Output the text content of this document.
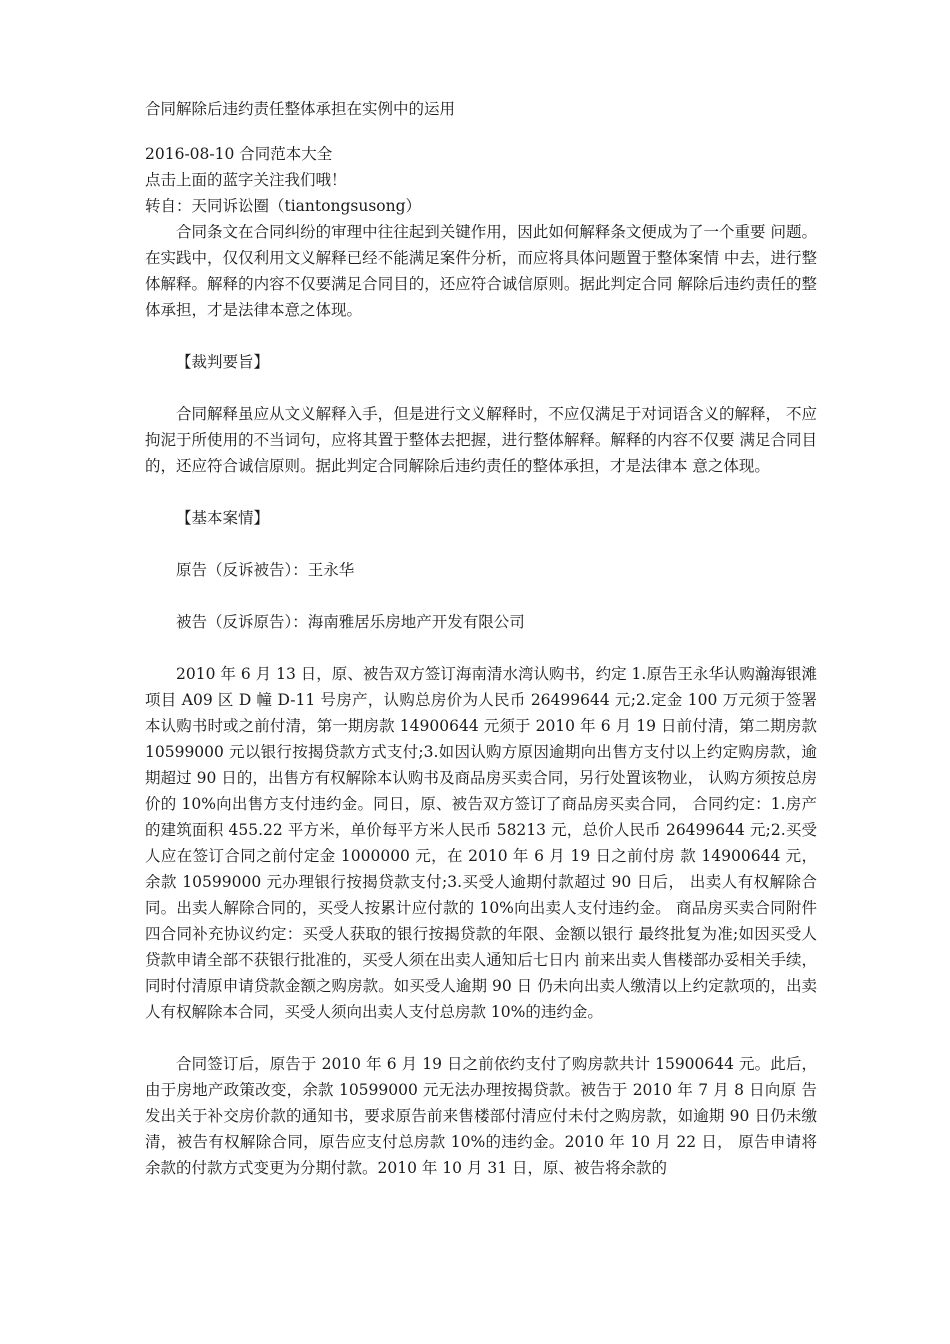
合同解除后违约责任整体承担在实例中的运用

2016-08-10 合同范本大全

点击上面的蓝字关注我们哦！

转自：天同诉讼圈（tiantongsusong）

合同条文在合同纠纷的审理中往往起到关键作用，因此如何解释条文便成为了一个重要 问题。在实践中，仅仅利用文义解释已经不能满足案件分析，而应将具体问题置于整体案情 中去，进行整体解释。解释的内容不仅要满足合同目的，还应符合诚信原则。据此判定合同 解除后违约责任的整体承担，才是法律本意之体现。

【裁判要旨】

合同解释虽应从文义解释入手，但是进行文义解释时，不应仅满足于对词语含义的解释， 不应拘泥于所使用的不当词句，应将其置于整体去把握，进行整体解释。解释的内容不仅要 满足合同目的，还应符合诚信原则。据此判定合同解除后违约责任的整体承担，才是法律本 意之体现。

【基本案情】

原告（反诉被告）：王永华

被告（反诉原告）：海南雅居乐房地产开发有限公司

2010 年 6 月 13 日，原、被告双方签订海南清水湾认购书，约定 1.原告王永华认购瀚海银滩项目 A09 区 D 幢 D-11 号房产，认购总房价为人民币 26499644 元;2.定金 100 万元须于签署本认购书时或之前付清，第一期房款 14900644 元须于 2010 年 6 月 19 日前付清，第二期房款 10599000 元以银行按揭贷款方式支付;3.如因认购方原因逾期向出售方支付以上约定购房款，逾期超过 90 日的，出售方有权解除本认购书及商品房买卖合同，另行处置该物业， 认购方须按总房价的 10%向出售方支付违约金。同日，原、被告双方签订了商品房买卖合同， 合同约定：1.房产的建筑面积 455.22 平方米，单价每平方米人民币 58213 元，总价人民币 26499644 元;2.买受人应在签订合同之前付定金 1000000 元，在 2010 年 6 月 19 日之前付房 款 14900644 元，余款 10599000 元办理银行按揭贷款支付;3.买受人逾期付款超过 90 日后， 出卖人有权解除合同。出卖人解除合同的，买受人按累计应付款的 10%向出卖人支付违约金。 商品房买卖合同附件四合同补充协议约定：买受人获取的银行按揭贷款的年限、金额以银行 最终批复为准;如因买受人贷款申请全部不获银行批准的，买受人须在出卖人通知后七日内 前来出卖人售楼部办妥相关手续，同时付清原申请贷款金额之购房款。如买受人逾期 90 日 仍未向出卖人缴清以上约定款项的，出卖人有权解除本合同，买受人须向出卖人支付总房款 10%的违约金。

合同签订后，原告于 2010 年 6 月 19 日之前依约支付了购房款共计 15900644 元。此后， 由于房地产政策改变，余款 10599000 元无法办理按揭贷款。被告于 2010 年 7 月 8 日向原 告发出关于补交房价款的通知书，要求原告前来售楼部付清应付未付之购房款，如逾期 90 日仍未缴清，被告有权解除合同，原告应支付总房款 10%的违约金。2010 年 10 月 22 日， 原告申请将余款的付款方式变更为分期付款。2010 年 10 月 31 日，原、被告将余款的
